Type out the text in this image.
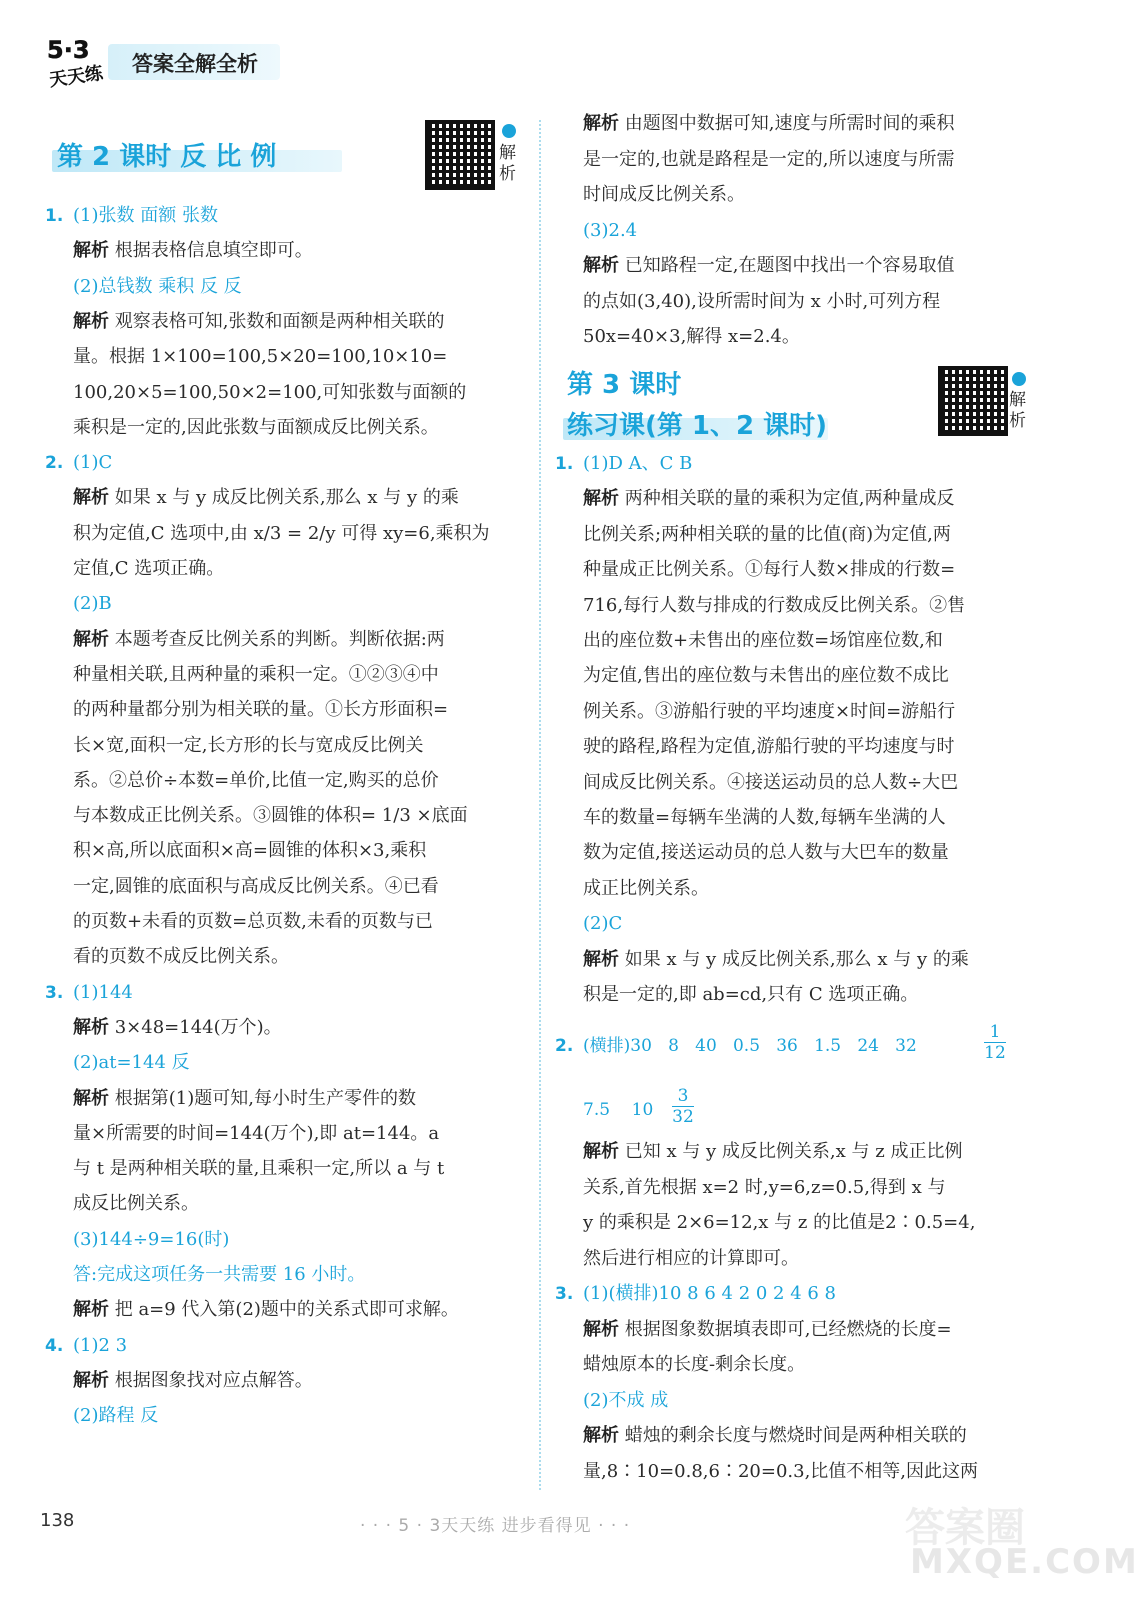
5·3
天天练 答案全解全析
第 2 课时 反 比 例	解析
1. (1)张数 面额 张数
解析 根据表格信息填空即可。
(2)总钱数 乘积 反 反
解析 观察表格可知,张数和面额是两种相关联的
量。根据 1×100=100,5×20=100,10×10=
100,20×5=100,50×2=100,可知张数与面额的
乘积是一定的,因此张数与面额成反比例关系。
2. (1)C
解析 如果 x 与 y 成反比例关系,那么 x 与 y 的乘
积为定值,C 选项中,由 x/3 = 2/y 可得 xy=6,乘积为
定值,C 选项正确。
(2)B
解析 本题考查反比例关系的判断。判断依据:两
种量相关联,且两种量的乘积一定。①②③④中
的两种量都分别为相关联的量。①长方形面积=
长×宽,面积一定,长方形的长与宽成反比例关
系。②总价÷本数=单价,比值一定,购买的总价
与本数成正比例关系。③圆锥的体积= 1/3 ×底面
积×高,所以底面积×高=圆锥的体积×3,乘积
一定,圆锥的底面积与高成反比例关系。④已看
的页数+未看的页数=总页数,未看的页数与已
看的页数不成反比例关系。
3. (1)144
解析 3×48=144(万个)。
(2)at=144 反
解析 根据第(1)题可知,每小时生产零件的数
量×所需要的时间=144(万个),即 at=144。a
与 t 是两种相关联的量,且乘积一定,所以 a 与 t
成反比例关系。
(3)144÷9=16(时)
答:完成这项任务一共需要 16 小时。
解析 把 a=9 代入第(2)题中的关系式即可求解。
4. (1)2 3
解析 根据图象找对应点解答。
(2)路程 反
解析 由题图中数据可知,速度与所需时间的乘积
是一定的,也就是路程是一定的,所以速度与所需
时间成反比例关系。
(3)2.4
解析 已知路程一定,在题图中找出一个容易取值
的点如(3,40),设所需时间为 x 小时,可列方程
50x=40×3,解得 x=2.4。
第 3 课时
练习课(第 1、2 课时)
解析
1. (1)D A、C B
解析 两种相关联的量的乘积为定值,两种量成反
比例关系;两种相关联的量的比值(商)为定值,两
种量成正比例关系。①每行人数×排成的行数=
716,每行人数与排成的行数成反比例关系。②售
出的座位数+未售出的座位数=场馆座位数,和
为定值,售出的座位数与未售出的座位数不成比
例关系。③游船行驶的平均速度×时间=游船行
驶的路程,路程为定值,游船行驶的平均速度与时
间成反比例关系。④接送运动员的总人数÷大巴
车的数量=每辆车坐满的人数,每辆车坐满的人
数为定值,接送运动员的总人数与大巴车的数量
成正比例关系。
(2)C
解析 如果 x 与 y 成反比例关系,那么 x 与 y 的乘
积是一定的,即 ab=cd,只有 C 选项正确。
2. (横排)30   8   40   0.5   36   1.5   24   32
1
12
7.5    10
3
32
解析 已知 x 与 y 成反比例关系,x 与 z 成正比例
关系,首先根据 x=2 时,y=6,z=0.5,得到 x 与
y 的乘积是 2×6=12,x 与 z 的比值是2∶0.5=4,
然后进行相应的计算即可。
3. (1)(横排)10 8 6 4 2 0 2 4 6 8
解析 根据图象数据填表即可,已经燃烧的长度=
蜡烛原本的长度-剩余长度。
(2)不成 成
解析 蜡烛的剩余长度与燃烧时间是两种相关联的
量,8∶10=0.8,6∶20=0.3,比值不相等,因此这两
138	· · · 5 · 3天天练 进步看得见 · · ·	答案圈
MXQE.COM
